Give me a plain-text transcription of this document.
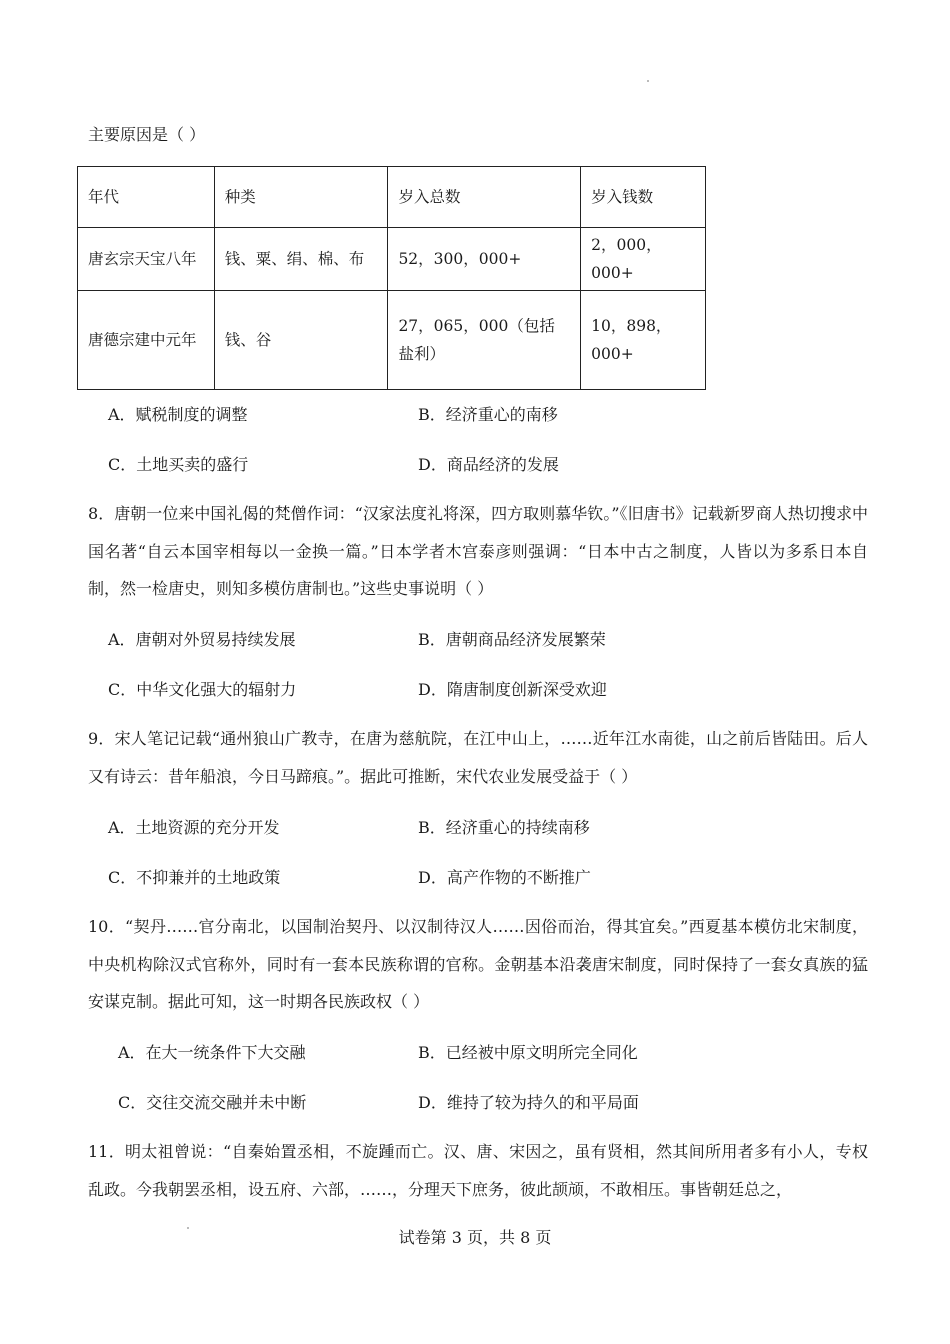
主要原因是（ ）
年代	种类	岁入总数	岁入钱数
唐玄宗天宝八年	钱、粟、绢、棉、布	52，300，000+	2，000，000+
唐德宗建中元年	钱、谷	27，065，000（包括盐利）	10，898，000+
A．赋税制度的调整	B．经济重心的南移
C．土地买卖的盛行	D．商品经济的发展
8．唐朝一位来中国礼偈的梵僧作词：“汉家法度礼将深，四方取则慕华钦。”《旧唐书》记载新罗商人热切搜求中国名著“自云本国宰相每以一金换一篇。”日本学者木宫泰彦则强调：“日本中古之制度，人皆以为多系日本自制，然一检唐史，则知多模仿唐制也。”这些史事说明（ ）
A．唐朝对外贸易持续发展	B．唐朝商品经济发展繁荣
C．中华文化强大的辐射力	D．隋唐制度创新深受欢迎
9．宋人笔记记载“通州狼山广教寺，在唐为慈航院，在江中山上，……近年江水南徙，山之前后皆陆田。后人又有诗云：昔年船浪，今日马蹄痕。”。据此可推断，宋代农业发展受益于（ ）
A．土地资源的充分开发	B．经济重心的持续南移
C．不抑兼并的土地政策	D．高产作物的不断推广
10．“契丹……官分南北，以国制治契丹、以汉制待汉人……因俗而治，得其宜矣。”西夏基本模仿北宋制度，中央机构除汉式官称外，同时有一套本民族称谓的官称。金朝基本沿袭唐宋制度，同时保持了一套女真族的猛安谋克制。据此可知，这一时期各民族政权（ ）
A．在大一统条件下大交融	B．已经被中原文明所完全同化
C．交往交流交融并未中断	D．维持了较为持久的和平局面
11．明太祖曾说：“自秦始置丞相，不旋踵而亡。汉、唐、宋因之，虽有贤相，然其间所用者多有小人，专权乱政。今我朝罢丞相，设五府、六部，……，分理天下庶务，彼此颉颃，不敢相压。事皆朝廷总之，
试卷第 3 页，共 8 页
